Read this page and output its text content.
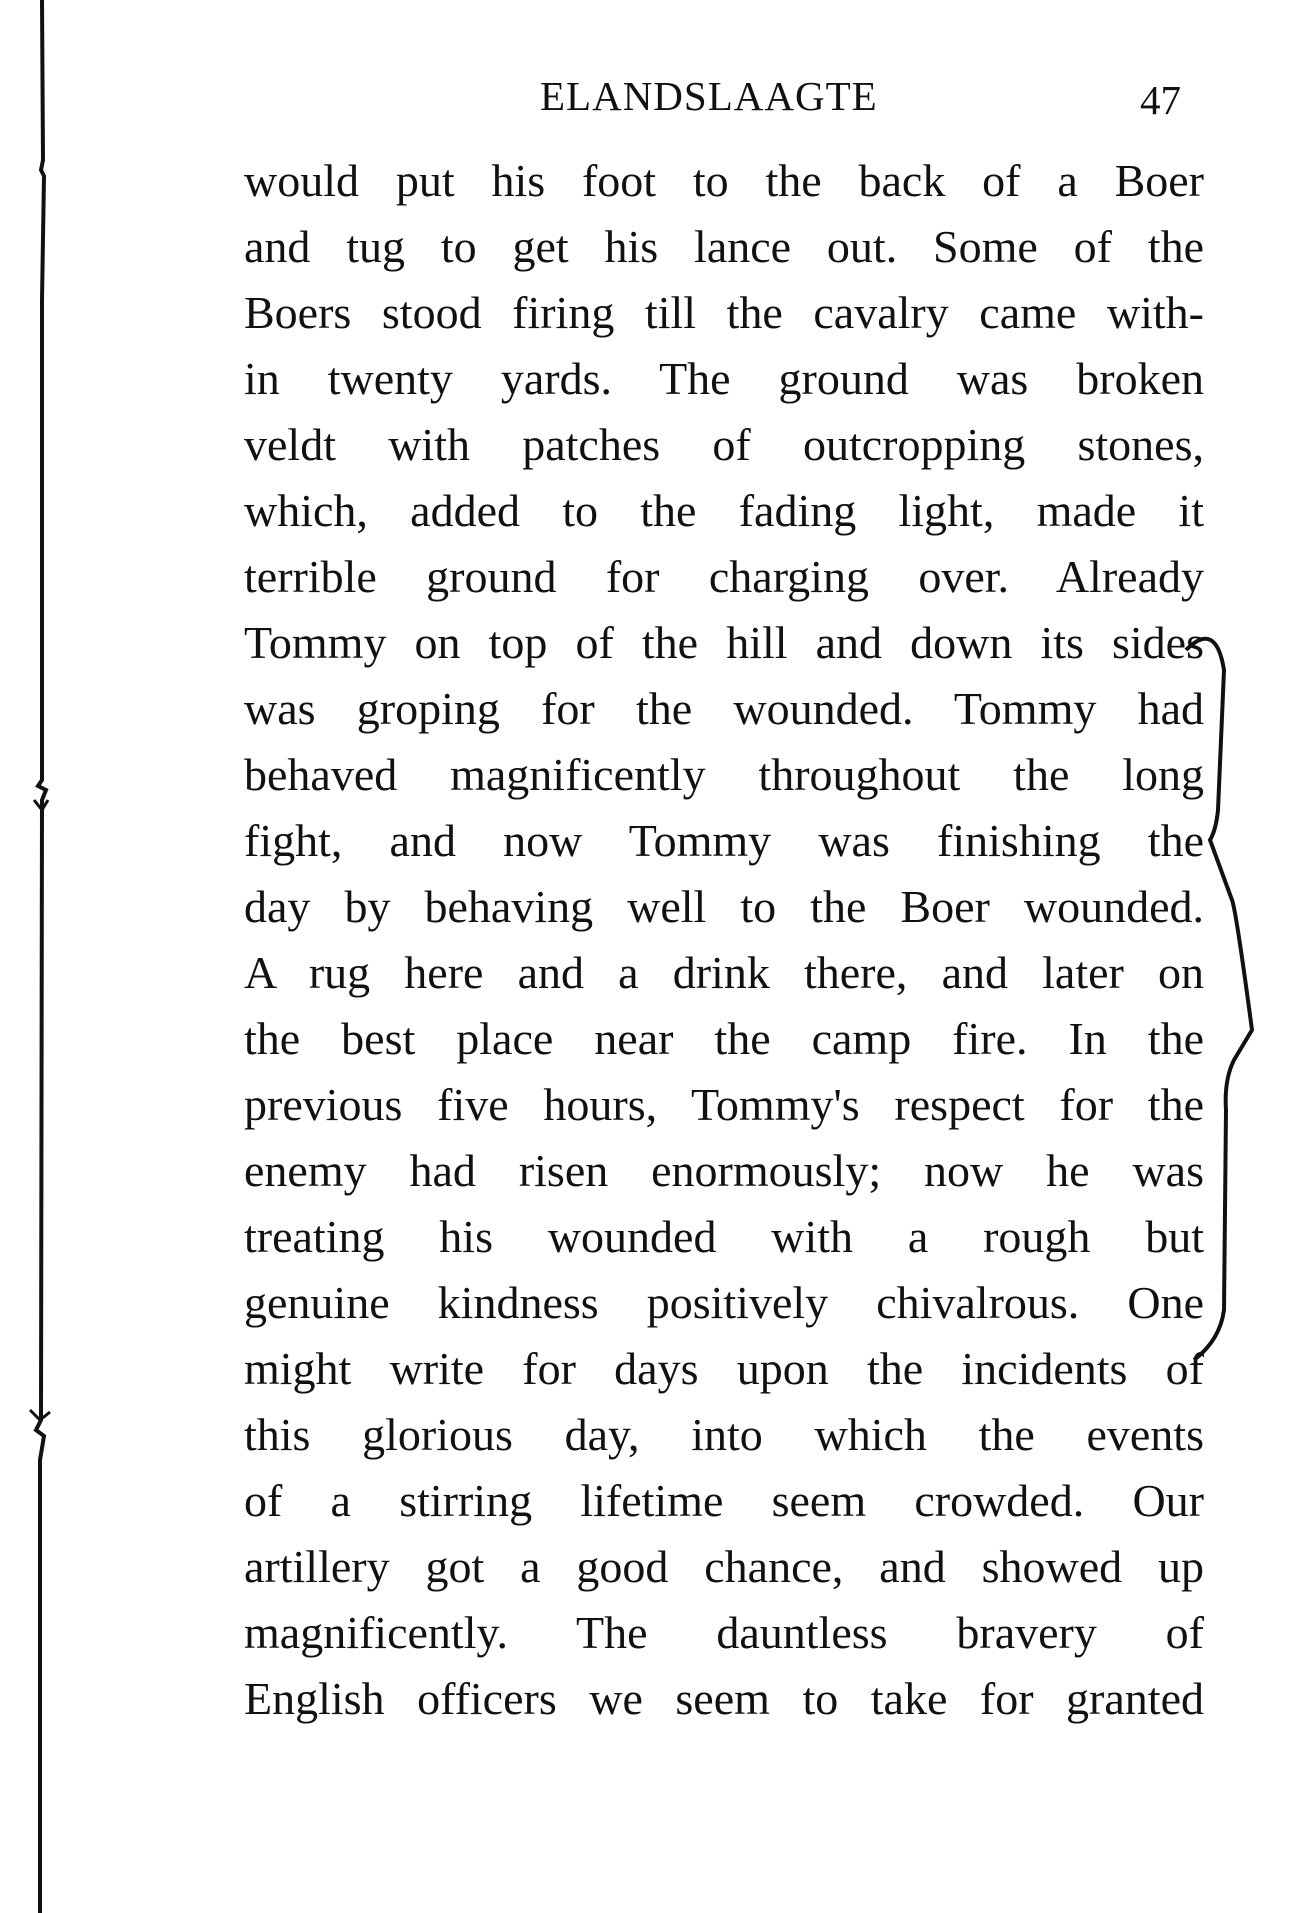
ELANDSLAAGTE	47
would put his foot to the back of a Boer
and tug to get his lance out. Some of the
Boers stood firing till the cavalry came with-
in twenty yards. The ground was broken
veldt with patches of outcropping stones,
which, added to the fading light, made it
terrible ground for charging over. Already
Tommy on top of the hill and down its sides
was groping for the wounded. Tommy had
behaved magnificently throughout the long
fight, and now Tommy was finishing the
day by behaving well to the Boer wounded.
A rug here and a drink there, and later on
the best place near the camp fire. In the
previous five hours, Tommy's respect for the
enemy had risen enormously; now he was
treating his wounded with a rough but
genuine kindness positively chivalrous. One
might write for days upon the incidents of
this glorious day, into which the events
of a stirring lifetime seem crowded. Our
artillery got a good chance, and showed up
magnificently. The dauntless bravery of
English officers we seem to take for granted
